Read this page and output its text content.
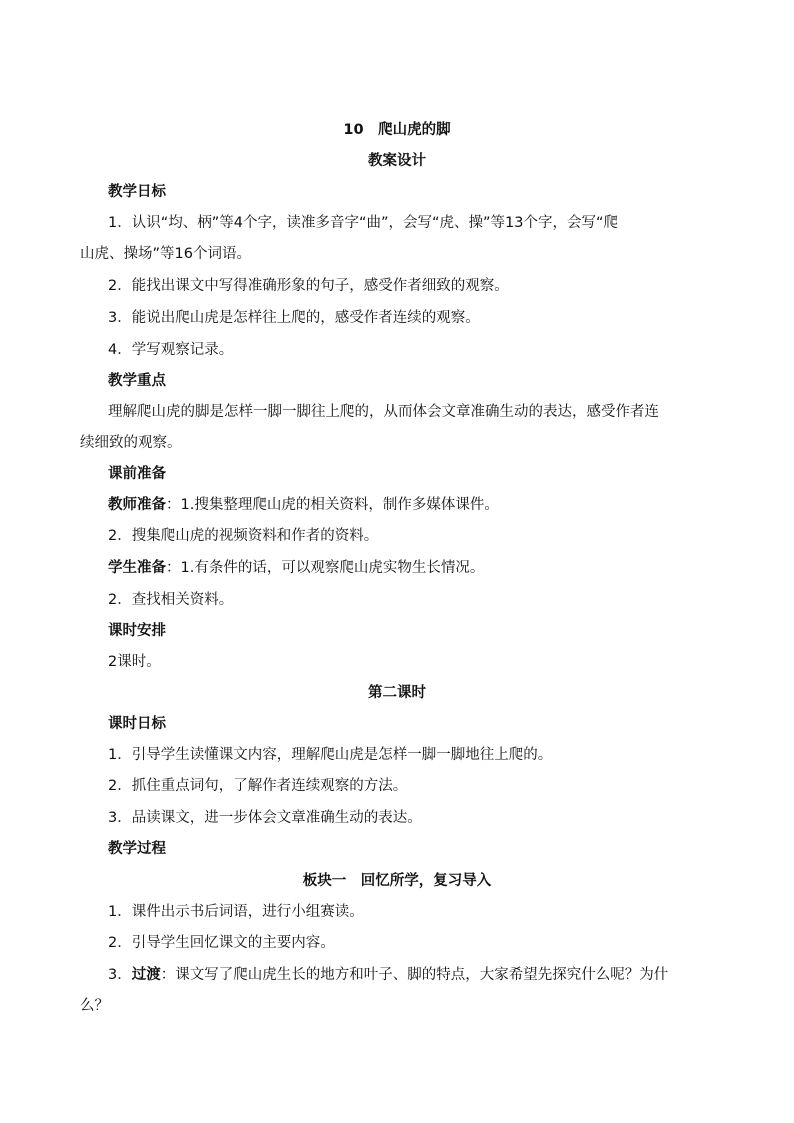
10　爬山虎的脚
教案设计
教学日标
1．认识“均、柄”等4个字，读准多音字“曲”，会写“虎、操”等13个字，会写“爬
山虎、操场”等16个词语。
2．能找出课文中写得准确形象的句子，感受作者细致的观察。
3．能说出爬山虎是怎样往上爬的，感受作者连续的观察。
4．学写观察记录。
教学重点
理解爬山虎的脚是怎样一脚一脚往上爬的，从而体会文章准确生动的表达，感受作者连
续细致的观察。
课前准备
教师准备：1.搜集整理爬山虎的相关资料，制作多媒体课件。
2．搜集爬山虎的视频资料和作者的资料。
学生准备：1.有条件的话，可以观察爬山虎实物生长情况。
2．查找相关资料。
课时安排
2课时。
第二课时
课时日标
1．引导学生读懂课文内容，理解爬山虎是怎样一脚一脚地往上爬的。
2．抓住重点词句，了解作者连续观察的方法。
3．品读课文，进一步体会文章准确生动的表达。
教学过程
板块一　回忆所学，复习导入
1．课件出示书后词语，进行小组赛读。
2．引导学生回忆课文的主要内容。
3．过渡：课文写了爬山虎生长的地方和叶子、脚的特点，大家希望先探究什么呢？为什
么？
